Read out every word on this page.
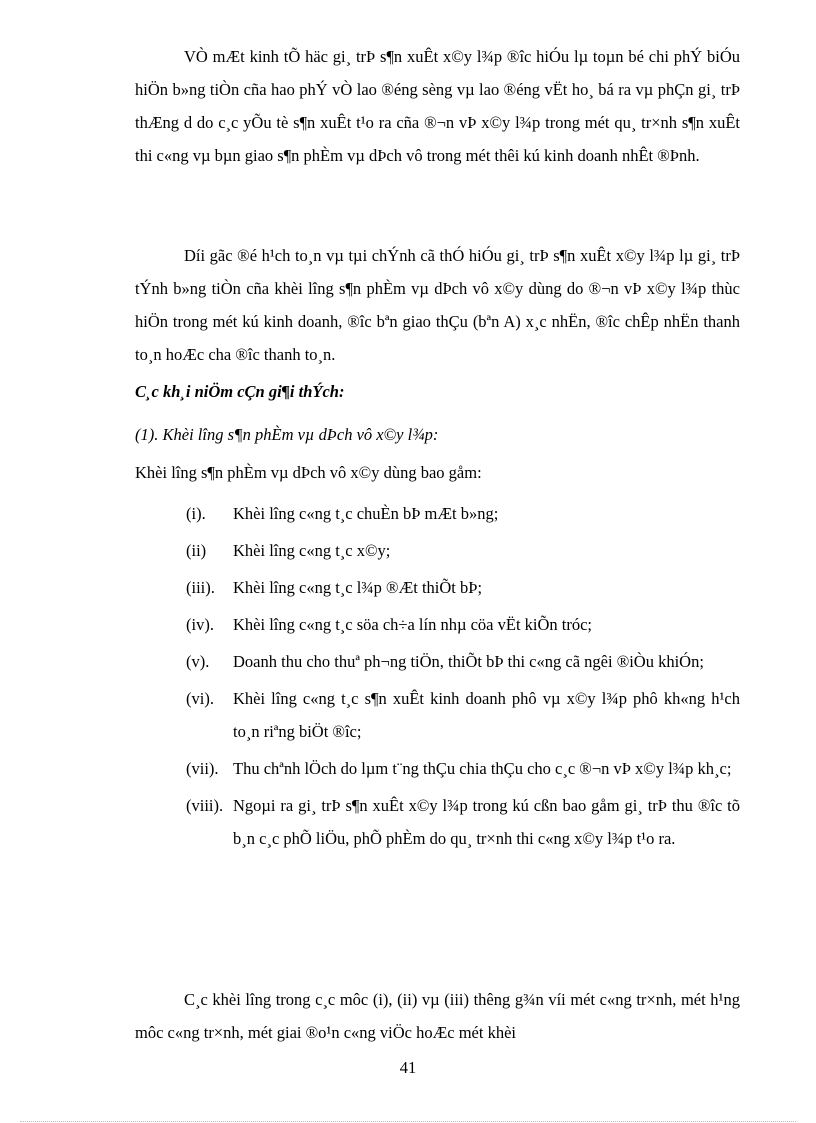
VÒ mÆt kinh tÕ häc gi¸ trÞ s¶n xuÊt x©y l¾p ®îc hiÓu lµ toµn bé chi phÝ biÓu hiÖn b»ng tiÒn cña hao phÝ vÒ lao ®éng sèng vµ lao ®éng vËt ho¸ bá ra vµ phÇn gi¸ trÞ thÆng d do c¸c yÕu tè s¶n xuÊt t¹o ra cña ®¬n vÞ x©y l¾p trong mét qu¸ tr×nh s¶n xuÊt thi c«ng vµ bµn giao s¶n phÈm vµ dÞch vô trong mét thêi kú kinh doanh nhÊt ®Þnh.

Díi gãc ®é h¹ch to¸n vµ tµi chÝnh cã thÓ hiÓu gi¸ trÞ s¶n xuÊt x©y l¾p lµ gi¸ trÞ tÝnh b»ng tiÒn cña khèi lîng s¶n phÈm vµ dÞch vô x©y dùng do ®¬n vÞ x©y l¾p thùc hiÖn trong mét kú kinh doanh, ®îc bªn giao thÇu (bªn A) x¸c nhËn, ®îc chÊp nhËn thanh to¸n hoÆc cha ®îc thanh to¸n.

C¸c kh¸i niÖm cÇn gi¶i thÝch:

(1). Khèi lîng s¶n phÈm vµ dÞch vô x©y l¾p:

Khèi lîng s¶n phÈm vµ dÞch vô x©y dùng bao gåm:

(i). Khèi lîng c«ng t¸c chuÈn bÞ mÆt b»ng;
(ii) Khèi lîng c«ng t¸c x©y;
(iii). Khèi lîng c«ng t¸c l¾p ®Æt thiÕt bÞ;
(iv). Khèi lîng c«ng t¸c söa ch÷a lín nhµ cöa vËt kiÕn tróc;
(v). Doanh thu cho thuª ph¬ng tiÖn, thiÕt bÞ thi c«ng cã ngêi ®iÒu khiÓn;
(vi). Khèi lîng c«ng t¸c s¶n xuÊt kinh doanh phô vµ x©y l¾p phô kh«ng h¹ch to¸n riªng biÖt ®îc;
(vii). Thu chªnh lÖch do lµm t¨ng thÇu chia thÇu cho c¸c ®¬n vÞ x©y l¾p kh¸c;
(viii). Ngoµi ra gi¸ trÞ s¶n xuÊt x©y l¾p trong kú cßn bao gåm gi¸ trÞ thu ®îc tõ b¸n c¸c phÕ liÖu, phÕ phÈm do qu¸ tr×nh thi c«ng x©y l¾p t¹o ra.

C¸c khèi lîng trong c¸c môc (i), (ii) vµ (iii) thêng g¾n víi mét c«ng tr×nh, mét h¹ng môc c«ng tr×nh, mét giai ®o¹n c«ng viÖc hoÆc mét khèi

41
